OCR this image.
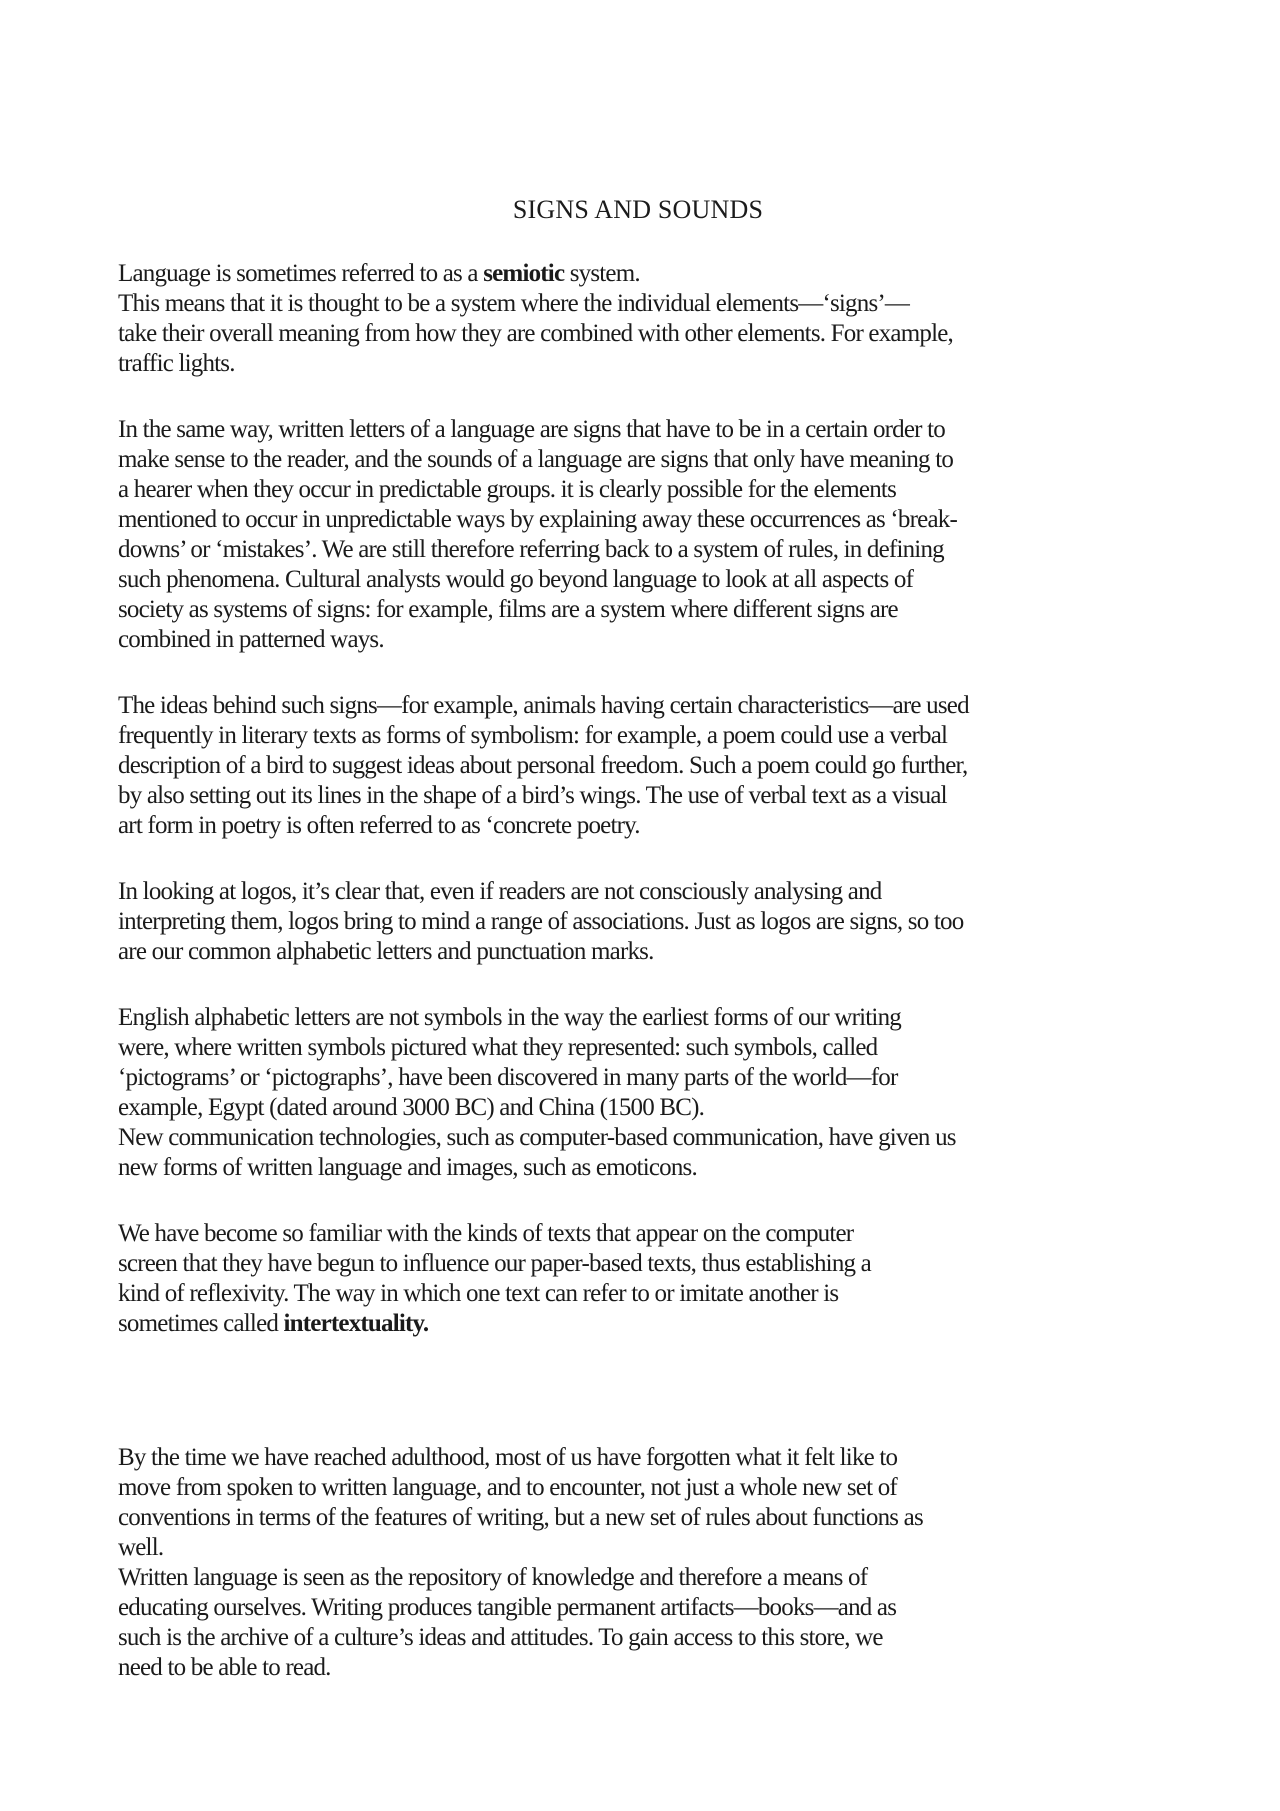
SIGNS AND SOUNDS

Language is sometimes referred to as a semiotic system.
This means that it is thought to be a system where the individual elements—‘signs’—
take their overall meaning from how they are combined with other elements. For example,
traffic lights.

In the same way, written letters of a language are signs that have to be in a certain order to
make sense to the reader, and the sounds of a language are signs that only have meaning to
a hearer when they occur in predictable groups. it is clearly possible for the elements
mentioned to occur in unpredictable ways by explaining away these occurrences as ‘break-
downs’ or ‘mistakes’. We are still therefore referring back to a system of rules, in defining
such phenomena. Cultural analysts would go beyond language to look at all aspects of
society as systems of signs: for example, films are a system where different signs are
combined in patterned ways.

The ideas behind such signs—for example, animals having certain characteristics—are used
frequently in literary texts as forms of symbolism: for example, a poem could use a verbal
description of a bird to suggest ideas about personal freedom. Such a poem could go further,
by also setting out its lines in the shape of a bird’s wings. The use of verbal text as a visual
art form in poetry is often referred to as ‘concrete poetry.

In looking at logos, it’s clear that, even if readers are not consciously analysing and
interpreting them, logos bring to mind a range of associations. Just as logos are signs, so too
are our common alphabetic letters and punctuation marks.

English alphabetic letters are not symbols in the way the earliest forms of our writing
were, where written symbols pictured what they represented: such symbols, called
‘pictograms’ or ‘pictographs’, have been discovered in many parts of the world—for
example, Egypt (dated around 3000 BC) and China (1500 BC).
New communication technologies, such as computer-based communication, have given us
new forms of written language and images, such as emoticons.

We have become so familiar with the kinds of texts that appear on the computer
screen that they have begun to influence our paper-based texts, thus establishing a
kind of reflexivity. The way in which one text can refer to or imitate another is
sometimes called intertextuality.

By the time we have reached adulthood, most of us have forgotten what it felt like to
move from spoken to written language, and to encounter, not just a whole new set of
conventions in terms of the features of writing, but a new set of rules about functions as
well.
Written language is seen as the repository of knowledge and therefore a means of
educating ourselves. Writing produces tangible permanent artifacts—books—and as
such is the archive of a culture’s ideas and attitudes. To gain access to this store, we
need to be able to read.
